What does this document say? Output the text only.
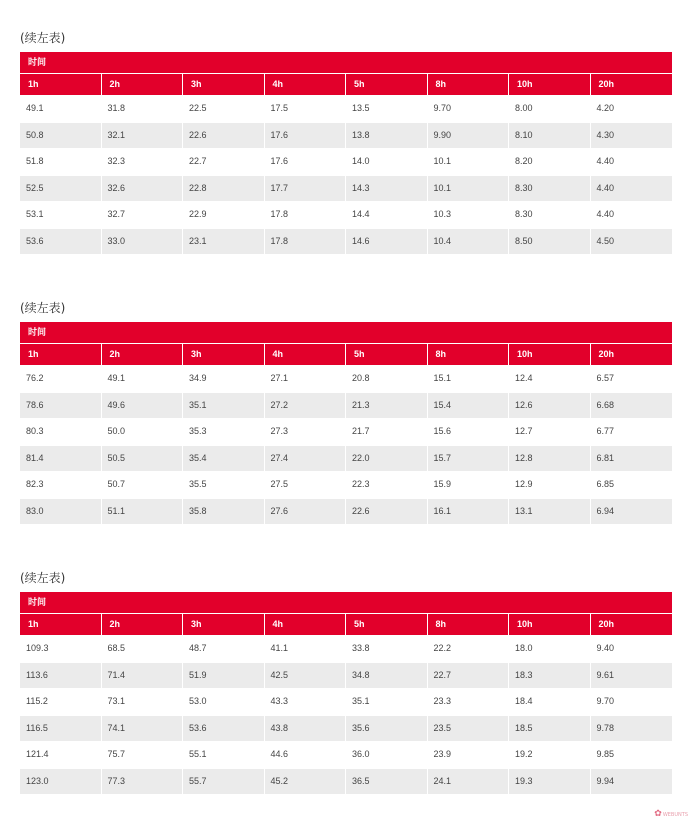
(续左表)
时间							
1h	2h	3h	4h	5h	8h	10h	20h
49.1	31.8	22.5	17.5	13.5	9.70	8.00	4.20
50.8	32.1	22.6	17.6	13.8	9.90	8.10	4.30
51.8	32.3	22.7	17.6	14.0	10.1	8.20	4.40
52.5	32.6	22.8	17.7	14.3	10.1	8.30	4.40
53.1	32.7	22.9	17.8	14.4	10.3	8.30	4.40
53.6	33.0	23.1	17.8	14.6	10.4	8.50	4.50
(续左表)
时间							
1h	2h	3h	4h	5h	8h	10h	20h
76.2	49.1	34.9	27.1	20.8	15.1	12.4	6.57
78.6	49.6	35.1	27.2	21.3	15.4	12.6	6.68
80.3	50.0	35.3	27.3	21.7	15.6	12.7	6.77
81.4	50.5	35.4	27.4	22.0	15.7	12.8	6.81
82.3	50.7	35.5	27.5	22.3	15.9	12.9	6.85
83.0	51.1	35.8	27.6	22.6	16.1	13.1	6.94
(续左表)
时间							
1h	2h	3h	4h	5h	8h	10h	20h
109.3	68.5	48.7	41.1	33.8	22.2	18.0	9.40
113.6	71.4	51.9	42.5	34.8	22.7	18.3	9.61
115.2	73.1	53.0	43.3	35.1	23.3	18.4	9.70
116.5	74.1	53.6	43.8	35.6	23.5	18.5	9.78
121.4	75.7	55.1	44.6	36.0	23.9	19.2	9.85
123.0	77.3	55.7	45.2	36.5	24.1	19.3	9.94
✿WEBUNTS
